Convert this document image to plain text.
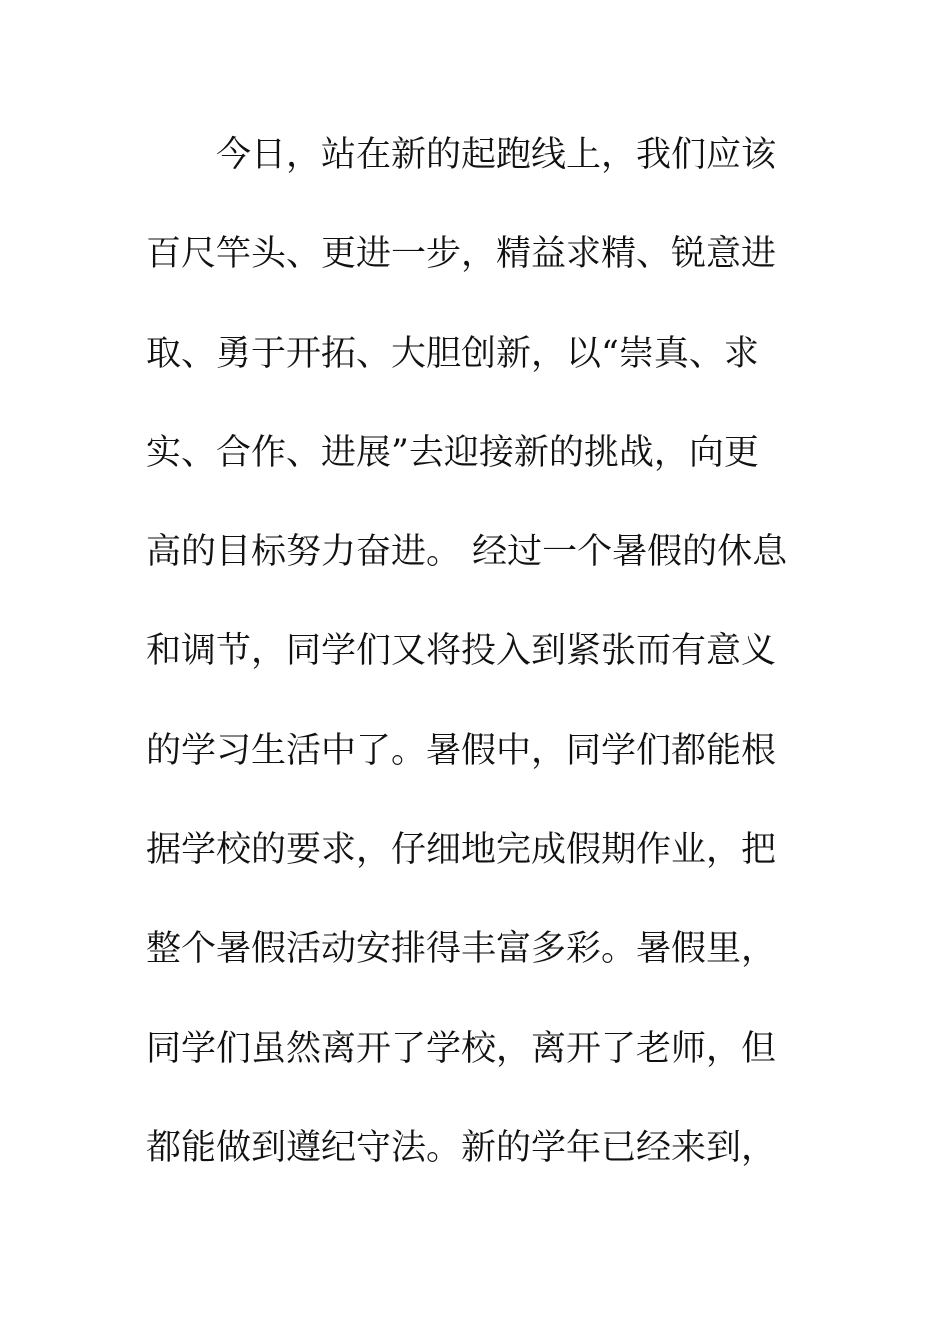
　　今日，站在新的起跑线上，我们应该
百尺竿头、更进一步，精益求精、锐意进
取、勇于开拓、大胆创新，以“崇真、求
实、合作、进展”去迎接新的挑战，向更
高的目标努力奋进。 经过一个暑假的休息
和调节，同学们又将投入到紧张而有意义
的学习生活中了。暑假中，同学们都能根
据学校的要求，仔细地完成假期作业，把
整个暑假活动安排得丰富多彩。暑假里，
同学们虽然离开了学校，离开了老师，但
都能做到遵纪守法。新的学年已经来到，
